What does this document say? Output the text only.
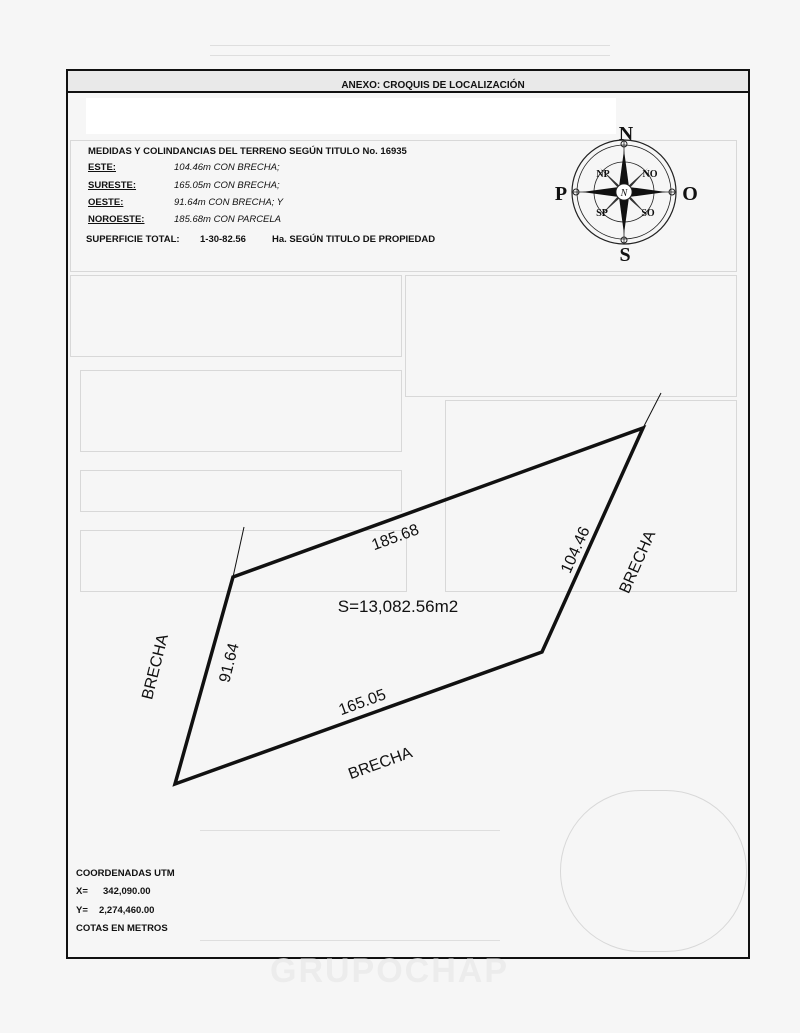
ANEXO: CROQUIS DE LOCALIZACIÓN
MEDIDAS Y COLINDANCIAS DEL TERRENO SEGÚN TITULO No. 16935
ESTE:	104.46m CON BRECHA;
SURESTE:	165.05m CON BRECHA;
OESTE:	91.64m CON BRECHA; Y
NOROESTE:	185.68m CON PARCELA
SUPERFICIE TOTAL: 1-30-82.56	Ha. SEGÚN TITULO DE PROPIEDAD
N
N
S
P	O
NP	NO
SP	SO
185.68	104.46
165.05
91.64
S=13,082.56m2
BRECHA
BRECHA
BRECHA
COORDENADAS UTM
X= 342,090.00
Y= 2,274,460.00
COTAS EN METROS
GRUPOCHAP
